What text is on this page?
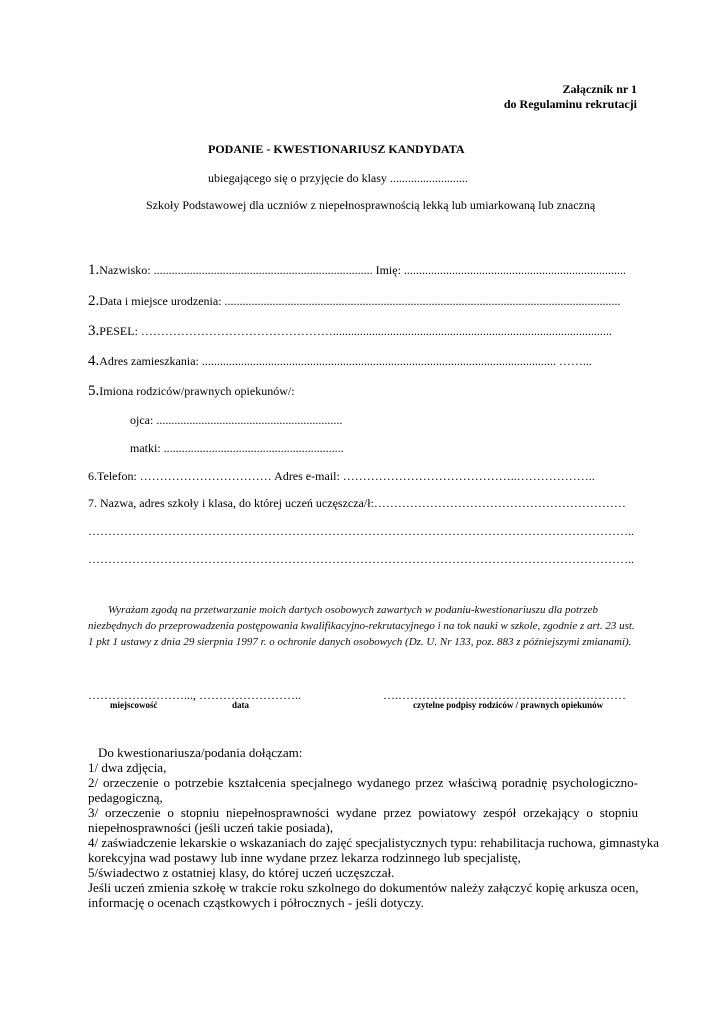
Załącznik nr 1
do Regulaminu rekrutacji
PODANIE - KWESTIONARIUSZ KANDYDATA
ubiegającego się o przyjęcie do klasy ..........................
Szkoły Podstawowej dla uczniów z niepełnosprawnością lekką lub umiarkowaną lub znaczną
1.Nazwisko: ......................................................................... Imię: ..........................................................................
2.Data i miejsce urodzenia: ....................................................................................................................................
3.PESEL: ………………………………………….............................................................................................
4.Adres zamieszkania: ...................................................................................................................... ……...
5.Imiona rodziców/prawnych opiekunów/:
ojca: ..............................................................
matki: ............................................................
6.Telefon: …………………………… Adres e-mail: ……………………………………..………………..
7. Nazwa, adres szkoły i klasa, do której uczeń uczęszcza/ł:………………………………………………………
………………………………………………………………………………………………………………………..
………………………………………………………………………………………………………………………..
Wyrażam zgodą na przetwarzanie moich dartych osobowych zawartych w podaniu-kwestionariuszu dla potrzeb
niezbędnych do przeprowadzenia postępowania kwalifikacyjno-rekrutacyjnego i na tok nauki w szkole, zgodnie z art. 23 ust.
1 pkt 1 ustawy z dnia 29 sierpnia 1997 r. o ochronie danych osobowych (Dz. U. Nr 133, poz. 883 z późniejszymi zmianami).
……………………..., ……………………..	….…………………………………………………
miejscowość	data	czytelne podpisy rodziców / prawnych opiekunów
Do kwestionariusza/podania dołączam:
1/ dwa zdjęcia,
2/ orzeczenie o potrzebie kształcenia specjalnego wydanego przez właściwą poradnię psychologiczno-
pedagogiczną,
3/ orzeczenie o stopniu niepełnosprawności wydane przez powiatowy zespół orzekający o stopniu
niepełnosprawności (jeśli uczeń takie posiada),
4/ zaświadczenie lekarskie o wskazaniach do zajęć specjalistycznych typu: rehabilitacja ruchowa, gimnastyka
korekcyjna wad postawy lub inne wydane przez lekarza rodzinnego lub specjalistę,
5/świadectwo z ostatniej klasy, do której uczeń uczęszczał.
Jeśli uczeń zmienia szkołę w trakcie roku szkolnego do dokumentów należy załączyć kopię arkusza ocen,
informację o ocenach cząstkowych i półrocznych - jeśli dotyczy.
